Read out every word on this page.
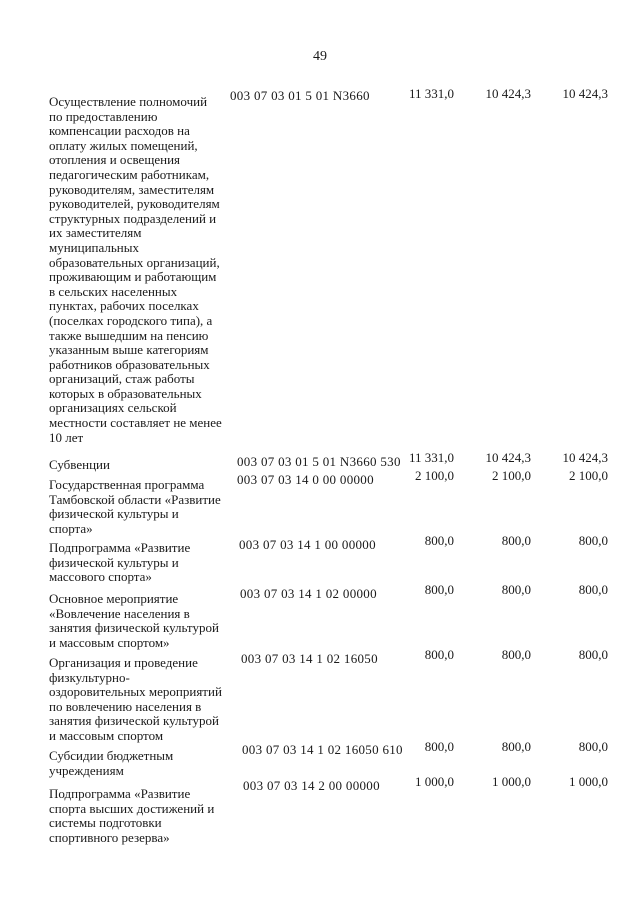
49
Осуществление полномочий
по предоставлению
компенсации расходов на
оплату жилых помещений,
отопления и освещения
педагогическим работникам,
руководителям, заместителям
руководителей, руководителям
структурных подразделений и
их заместителям
муниципальных
образовательных организаций,
проживающим и работающим
в сельских населенных
пунктах, рабочих поселках
(поселках городского типа), а
также вышедшим на пенсию
указанным выше категориям
работников образовательных
организаций, стаж работы
которых в образовательных
организациях сельской
местности составляет не менее
10 лет
003 07 03 01 5 01 N3660	11 331,0	10 424,3	10 424,3
Субвенции	003 07 03 01 5 01 N3660 530 11 331,0	10 424,3	10 424,3
Государственная программа
Тамбовской области «Развитие
физической культуры и
спорта»
003 07 03 14 0 00 00000	2 100,0	2 100,0	2 100,0
Подпрограмма «Развитие
физической культуры и
массового спорта»
003 07 03 14 1 00 00000	800,0	800,0	800,0
Основное мероприятие
«Вовлечение населения в
занятия физической культурой
и массовым спортом»
003 07 03 14 1 02 00000	800,0	800,0	800,0
Организация и проведение
физкультурно-
оздоровительных мероприятий
по вовлечению населения в
занятия физической культурой
и массовым спортом
003 07 03 14 1 02 16050	800,0	800,0	800,0
Субсидии бюджетным
учреждениям
003 07 03 14 1 02 16050 610	800,0	800,0	800,0
Подпрограмма «Развитие
спорта высших достижений и
системы подготовки
спортивного резерва»
003 07 03 14 2 00 00000	1 000,0	1 000,0	1 000,0
